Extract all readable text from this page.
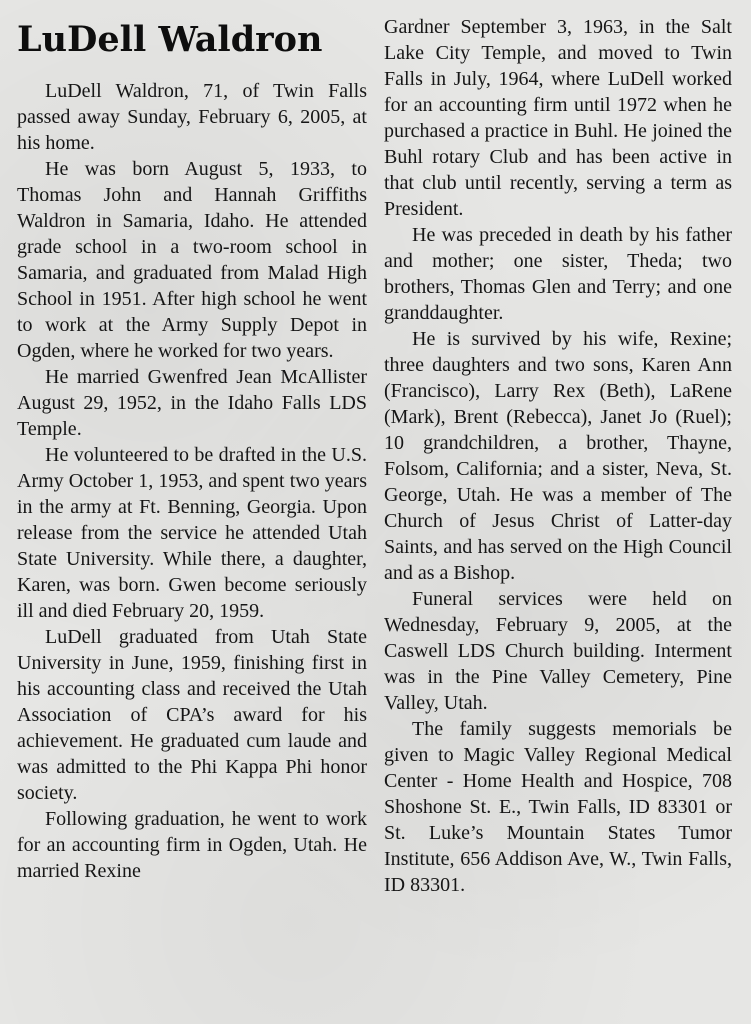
LuDell Waldron

LuDell Waldron, 71, of Twin Falls passed away Sunday, February 6, 2005, at his home.

He was born August 5, 1933, to Thomas John and Hannah Griffiths Waldron in Samaria, Idaho. He attended grade school in a two-room school in Samaria, and graduated from Malad High School in 1951. After high school he went to work at the Army Supply Depot in Ogden, where he worked for two years.

He married Gwenfred Jean McAllister August 29, 1952, in the Idaho Falls LDS Temple.

He volunteered to be drafted in the U.S. Army October 1, 1953, and spent two years in the army at Ft. Benning, Georgia. Upon release from the service he attended Utah State University. While there, a daughter, Karen, was born. Gwen become seriously ill and died February 20, 1959.

LuDell graduated from Utah State University in June, 1959, finishing first in his accounting class and received the Utah Association of CPA’s award for his achievement. He graduated cum laude and was admitted to the Phi Kappa Phi honor society.

Following graduation, he went to work for an accounting firm in Ogden, Utah. He married Rexine

Gardner September 3, 1963, in the Salt Lake City Temple, and moved to Twin Falls in July, 1964, where LuDell worked for an accounting firm until 1972 when he purchased a practice in Buhl. He joined the Buhl rotary Club and has been active in that club until recently, serving a term as President.

He was preceded in death by his father and mother; one sister, Theda; two brothers, Thomas Glen and Terry; and one granddaughter.

He is survived by his wife, Rexine; three daughters and two sons, Karen Ann (Francisco), Larry Rex (Beth), LaRene (Mark), Brent (Rebecca), Janet Jo (Ruel); 10 grandchildren, a brother, Thayne, Folsom, California; and a sister, Neva, St. George, Utah. He was a member of The Church of Jesus Christ of Latter-day Saints, and has served on the High Council and as a Bishop.

Funeral services were held on Wednesday, February 9, 2005, at the Caswell LDS Church building. Interment was in the Pine Valley Cemetery, Pine Valley, Utah.

The family suggests memorials be given to Magic Valley Regional Medical Center - Home Health and Hospice, 708 Shoshone St. E., Twin Falls, ID 83301 or St. Luke’s Mountain States Tumor Institute, 656 Addison Ave, W., Twin Falls, ID 83301.
